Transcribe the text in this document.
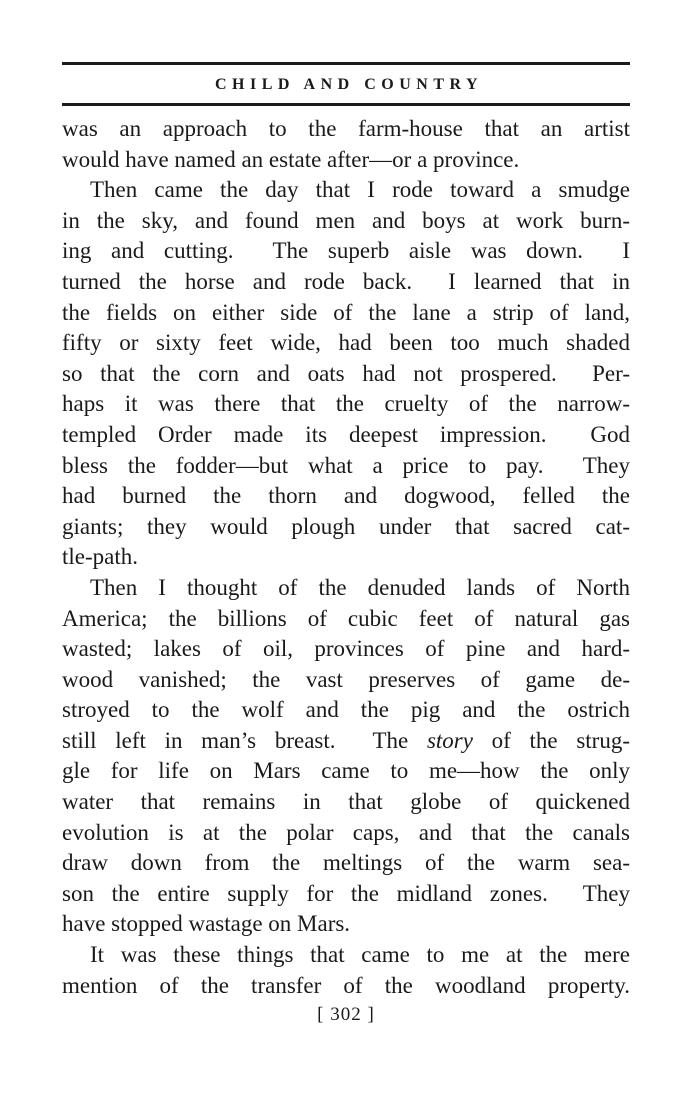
CHILD AND COUNTRY
was an approach to the farm-house that an artist
would have named an estate after—or a province.
Then came the day that I rode toward a smudge
in the sky, and found men and boys at work burn-
ing and cutting.  The superb aisle was down.  I
turned the horse and rode back.  I learned that in
the fields on either side of the lane a strip of land,
fifty or sixty feet wide, had been too much shaded
so that the corn and oats had not prospered.  Per-
haps it was there that the cruelty of the narrow-
templed Order made its deepest impression.  God
bless the fodder—but what a price to pay.  They
had burned the thorn and dogwood, felled the
giants; they would plough under that sacred cat-
tle-path.
Then I thought of the denuded lands of North
America; the billions of cubic feet of natural gas
wasted; lakes of oil, provinces of pine and hard-
wood vanished; the vast preserves of game de-
stroyed to the wolf and the pig and the ostrich
still left in man’s breast.  The story of the strug-
gle for life on Mars came to me—how the only
water that remains in that globe of quickened
evolution is at the polar caps, and that the canals
draw down from the meltings of the warm sea-
son the entire supply for the midland zones.  They
have stopped wastage on Mars.
It was these things that came to me at the mere
mention of the transfer of the woodland property.
[ 302 ]
